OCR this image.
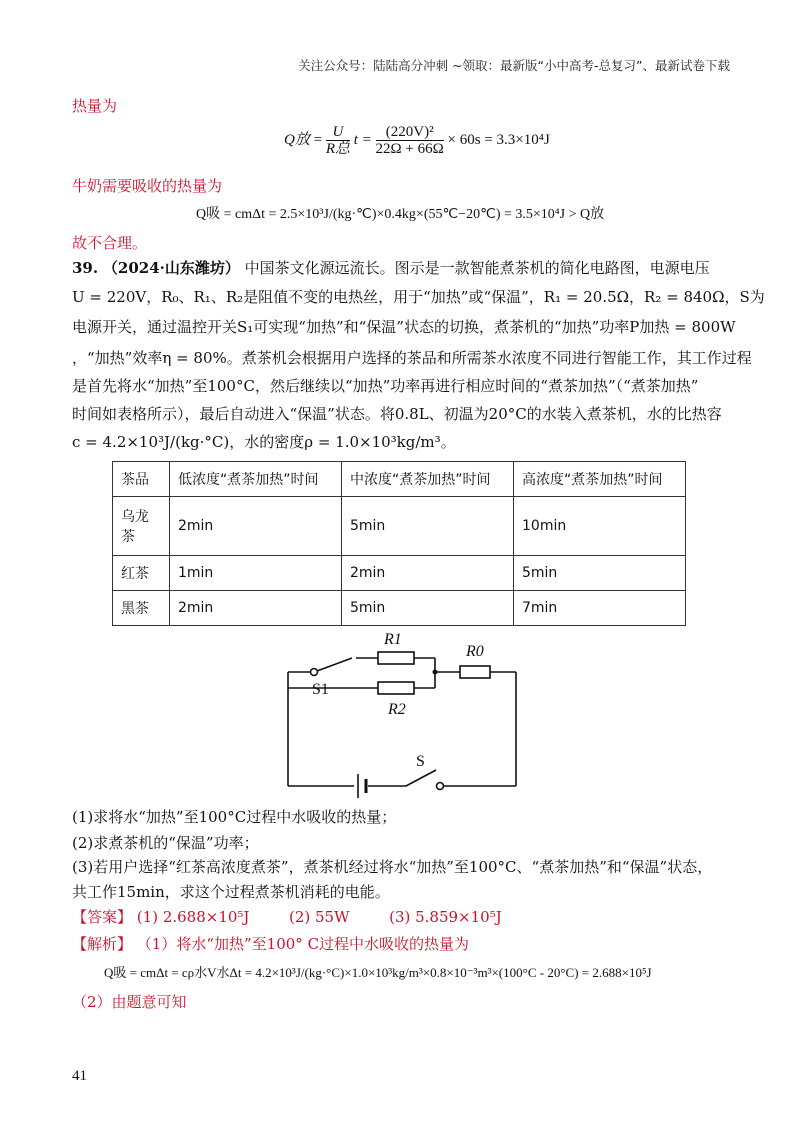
关注公众号：陆陆高分冲刺 ~领取：最新版“小中高考-总复习”、最新试卷下载
热量为
Q放 = $\frac{U}{\text{R总}}$ $t = \frac{\text{(220V)²}}{22\Omega + 66\Omega} \times 60s = 3.3\times 10^4J$
牛奶需要吸收的热量为
Q吸 = cmΔt = 2.5×10³J/(kg·℃)×0.4kg×(55℃−20℃) = 3.5×10⁴J > Q放
故不合理。
39. （2024·山东潍坊） 中国茶文化源远流长。图示是一款智能煮茶机的简化电路图，电源电压
U = 220V，R₀、R₁、R₂是阻值不变的电热丝，用于“加热”或“保温”，R₁ = 20.5Ω，R₂ = 840Ω，S为
电源开关，通过温控开关S₁可实现“加热”和“保温”状态的切换，煮茶机的“加热”功率P加热 = 800W
，“加热”效率η = 80%。煮茶机会根据用户选择的茶品和所需茶水浓度不同进行智能工作，其工作过程
是首先将水“加热”至100°C，然后继续以“加热”功率再进行相应时间的“煮茶加热”（“煮茶加热”
时间如表格所示），最后自动进入“保温”状态。将0.8L、初温为20°C的水装入煮茶机，水的比热容
c = 4.2×10³J/(kg·°C)，水的密度ρ = 1.0×10³kg/m³。
茶品	低浓度“煮茶加热”时间	中浓度“煮茶加热”时间	高浓度“煮茶加热”时间
乌龙茶	2min	5min	10min
红茶	1min	2min	5min
黑茶	2min	5min	7min
R1
R2
R0
S1
S
(1)求将水“加热”至100°C过程中水吸收的热量；
(2)求煮茶机的“保温”功率；
(3)若用户选择“红茶高浓度煮茶”，煮茶机经过将水“加热”至100°C、“煮茶加热”和“保温”状态，
共工作15min，求这个过程煮茶机消耗的电能。
【答案】 (1) 2.688×10⁵J	(2) 55W	(3) 5.859×10⁵J
【解析】 （1）将水“加热”至100° C过程中水吸收的热量为
Q吸 = cmΔt = cρ水V水Δt = 4.2×10³J/(kg·°C)×1.0×10³kg/m³×0.8×10⁻³m³×(100°C - 20°C) = 2.688×10⁵J
（2）由题意可知
41
